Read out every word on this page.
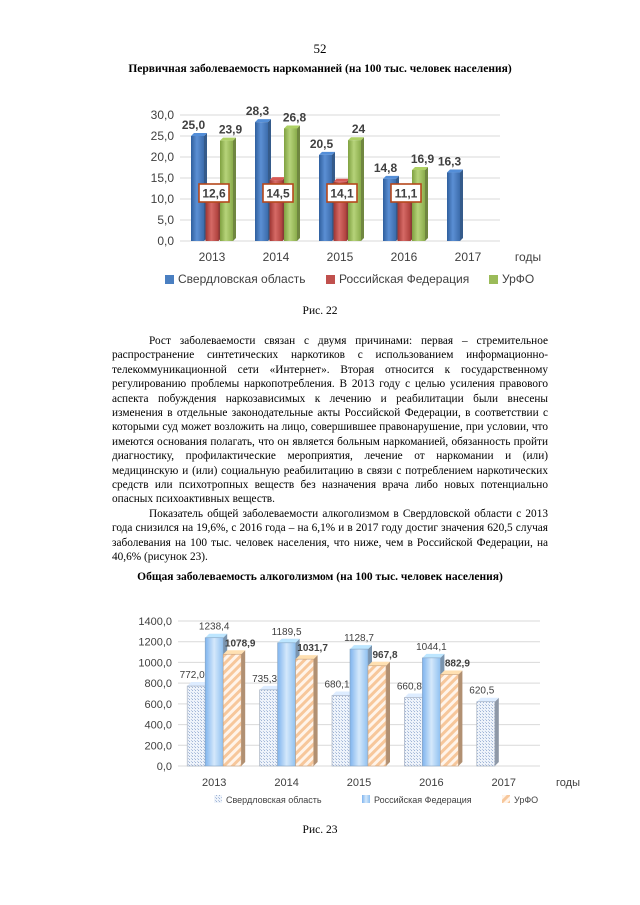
52
Первичная заболеваемость наркоманией (на 100 тыс. человек населения)
0,0
5,0
10,0
15,0
20,0
25,0
30,0
2013	2014	2015	2016	2017	годы
25,0
28,3
20,5
14,8	16,3
12,6	14,5	14,1	11,1
23,9
26,8
24
16,9
Свердловская область	Российская Федерация	УрФО
Рис. 22

Рост заболеваемости связан с двумя причинами: первая – стремительное распространение синтетических наркотиков с использованием информационно-телекоммуникационной сети «Интернет». Вторая относится к государственному регулированию проблемы наркопотребления. В 2013 году с целью усиления правового аспекта побуждения наркозависимых к лечению и реабилитации были внесены изменения в отдельные законодательные акты Российской Федерации, в соответствии с которыми суд может возложить на лицо, совершившее правонарушение, при условии, что имеются основания полагать, что он является больным наркоманией, обязанность пройти диагностику, профилактические мероприятия, лечение от наркомании и (или) медицинскую и (или) социальную реабилитацию в связи с потреблением наркотических средств или психотропных веществ без назначения врача либо новых потенциально опасных психоактивных веществ.

Показатель общей заболеваемости алкоголизмом в Свердловской области с 2013 года снизился на 19,6%, с 2016 года – на 6,1% и в 2017 году достиг значения 620,5 случая заболевания на 100 тыс. человек населения, что ниже, чем в Российской Федерации, на 40,6% (рисунок 23).

Общая заболеваемость алкоголизмом (на 100 тыс. человек населения)
0,0
200,0
400,0
600,0
800,0
1000,0
1200,0
1400,0
2013	2014	2015	2016	2017	годы
772,0	735,3
680,1	660,8	620,5
1238,4	1189,5
1128,7
1044,1
1078,9	1031,7
967,8
882,9
Свердловская область	Российская Федерация	УрФО
Рис. 23
